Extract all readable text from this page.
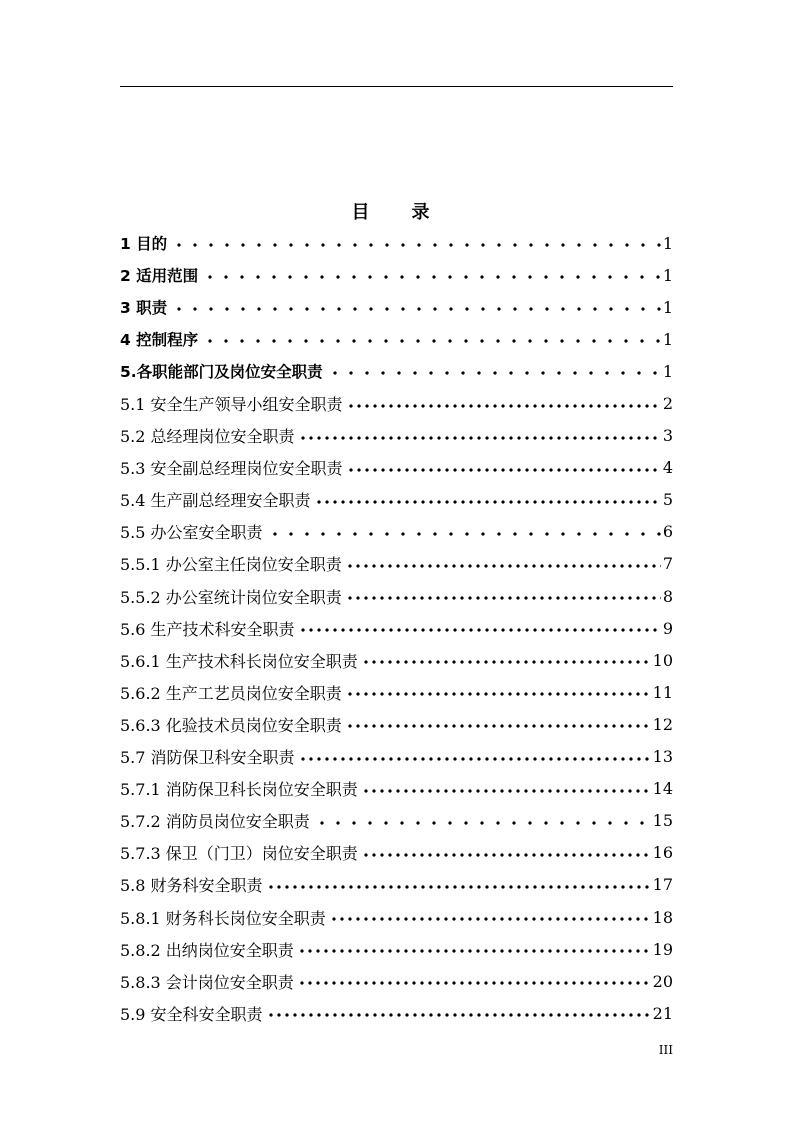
目　录
1 目的	1
2 适用范围	1
3 职责	1
4 控制程序	1
5.各职能部门及岗位安全职责	1
5.1 安全生产领导小组安全职责	2
5.2 总经理岗位安全职责	3
5.3 安全副总经理岗位安全职责	4
5.4 生产副总经理安全职责	5
5.5 办公室安全职责	6
5.5.1 办公室主任岗位安全职责	7
5.5.2 办公室统计岗位安全职责	8
5.6 生产技术科安全职责	9
5.6.1 生产技术科长岗位安全职责	10
5.6.2 生产工艺员岗位安全职责	11
5.6.3 化验技术员岗位安全职责	12
5.7 消防保卫科安全职责	13
5.7.1 消防保卫科长岗位安全职责	14
5.7.2 消防员岗位安全职责	15
5.7.3 保卫（门卫）岗位安全职责	16
5.8 财务科安全职责	17
5.8.1 财务科长岗位安全职责	18
5.8.2 出纳岗位安全职责	19
5.8.3 会计岗位安全职责	20
5.9 安全科安全职责	21
III
